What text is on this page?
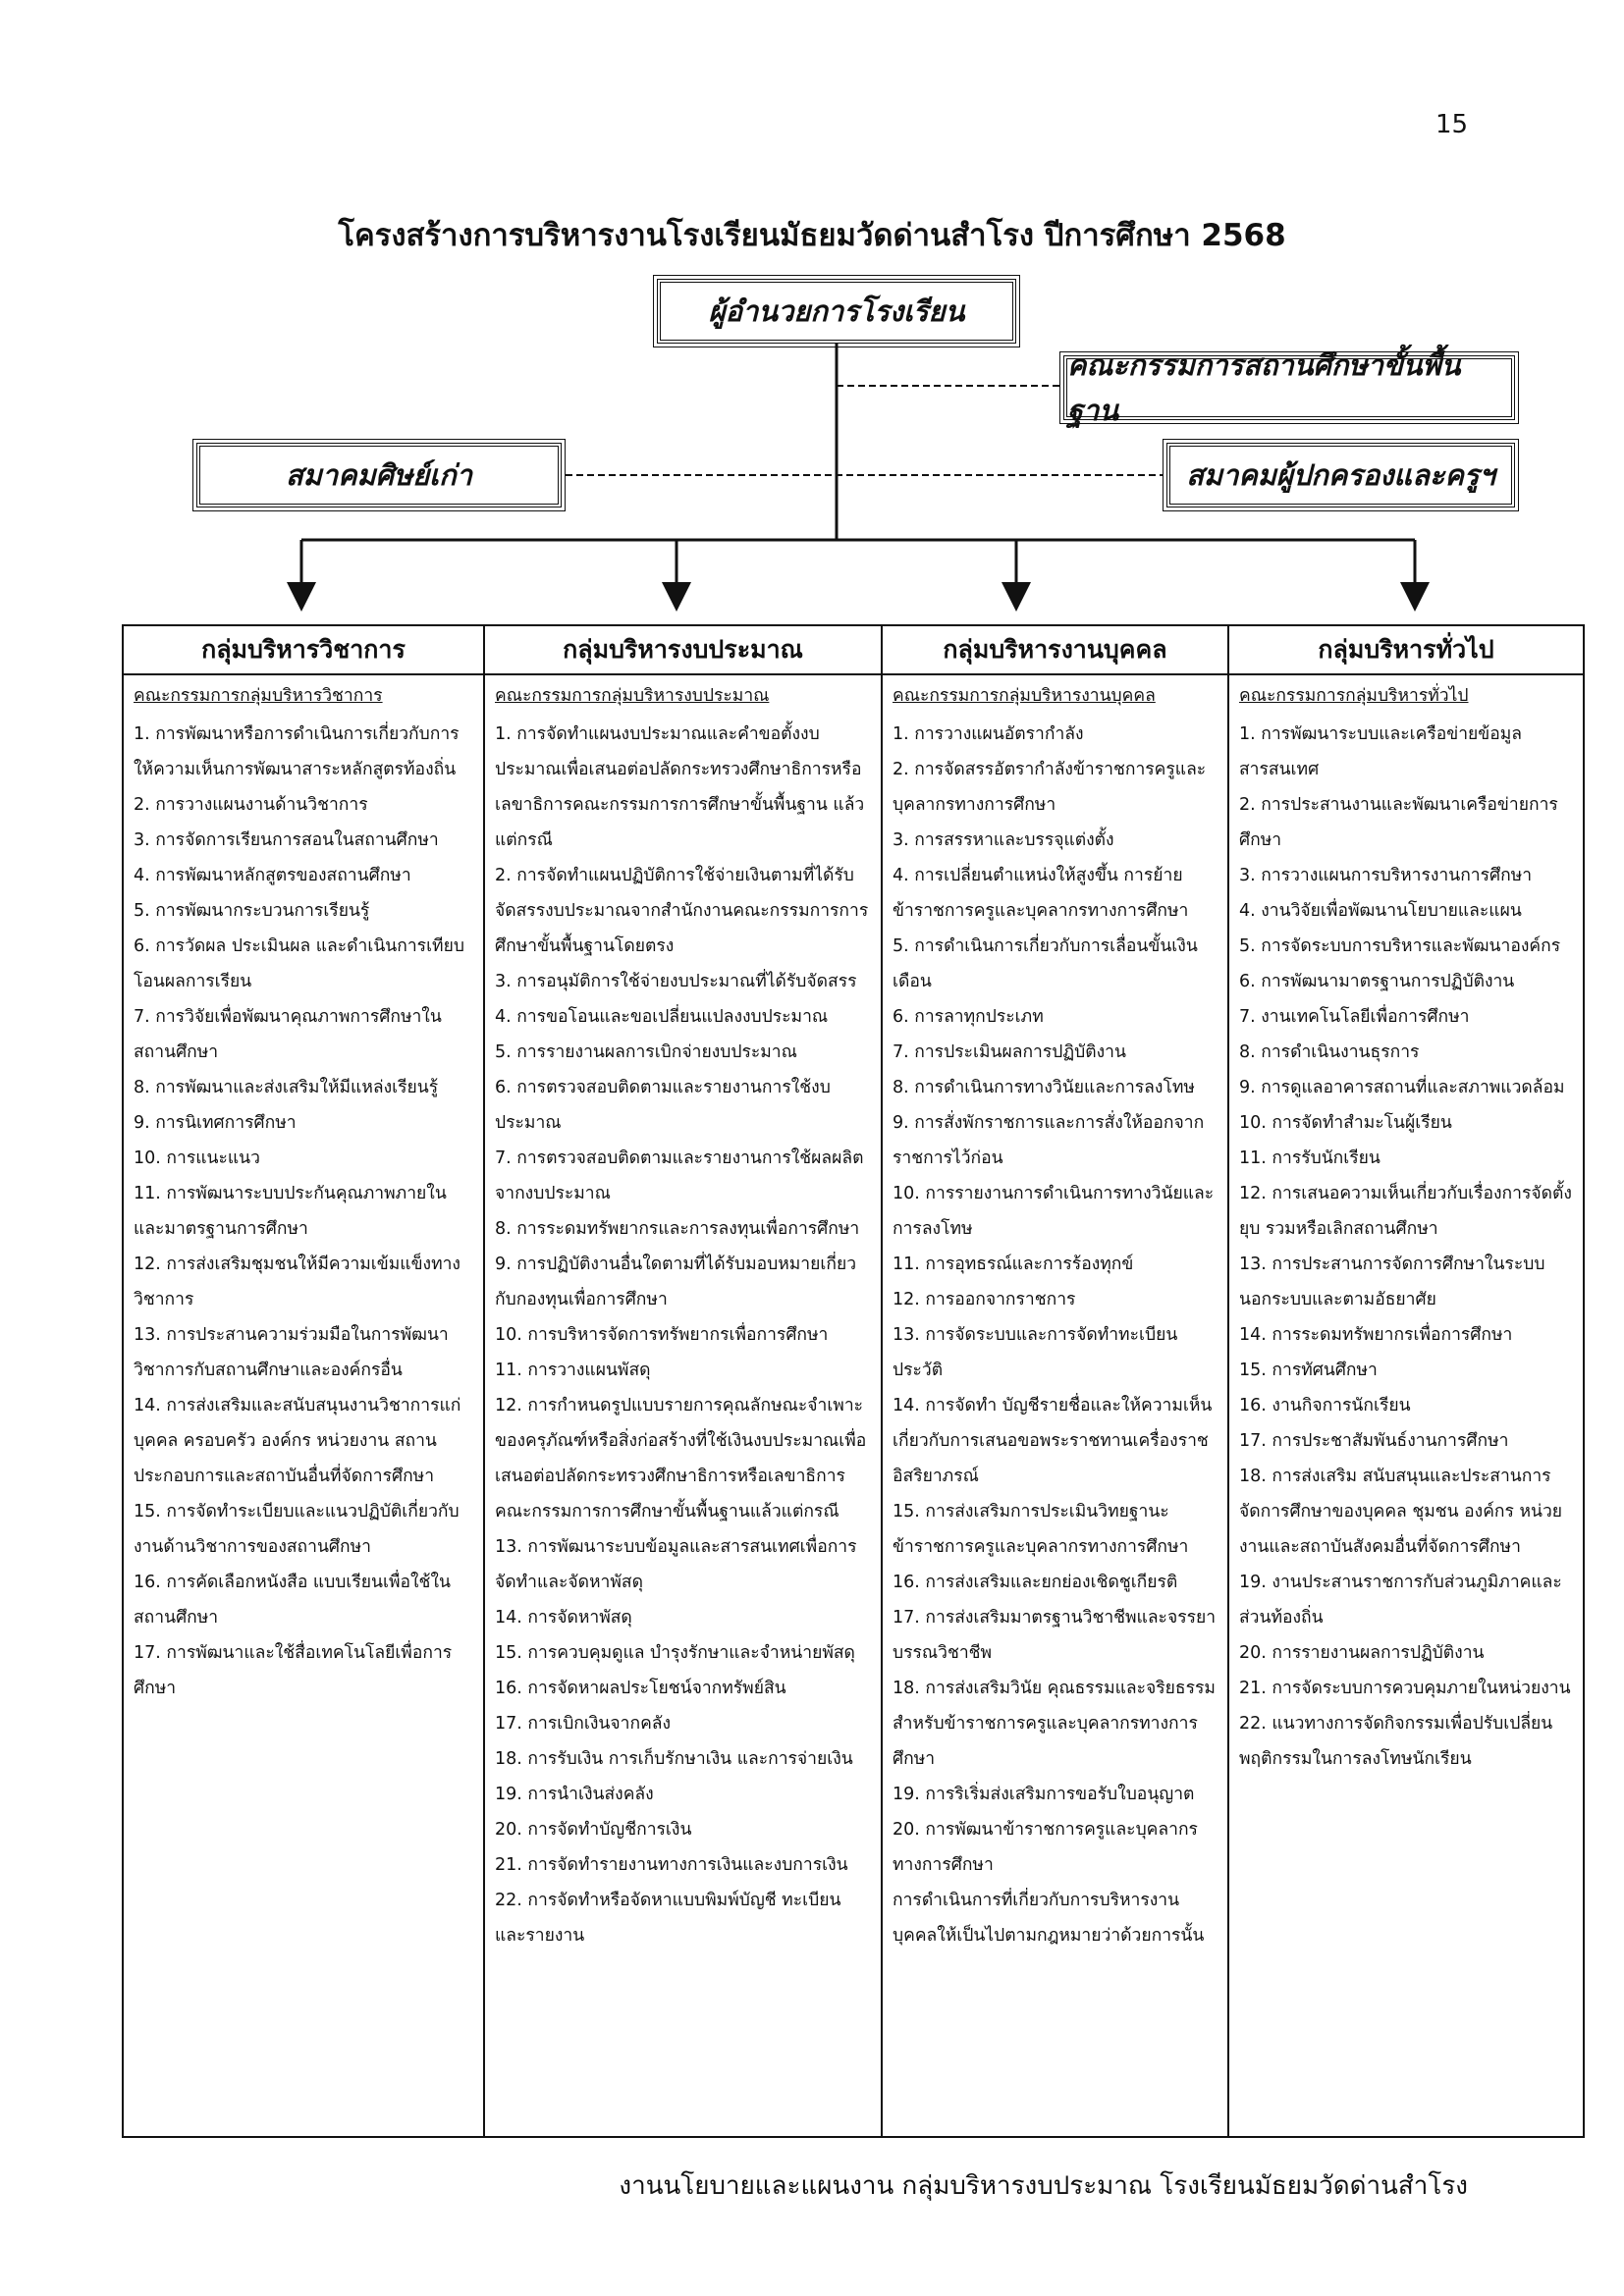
15
โครงสร้างการบริหารงานโรงเรียนมัธยมวัดด่านสำโรง ปีการศึกษา 2568
ผู้อำนวยการโรงเรียน
คณะกรรมการสถานศึกษาขั้นพื้นฐาน
สมาคมศิษย์เก่า	สมาคมผู้ปกครองและครูฯ
กลุ่มบริหารวิชาการ	กลุ่มบริหารงบประมาณ	กลุ่มบริหารงานบุคคล	กลุ่มบริหารทั่วไป
คณะกรรมการกลุ่มบริหารวิชาการ
1. การพัฒนาหรือการดำเนินการเกี่ยวกับการให้ความเห็นการพัฒนาสาระหลักสูตรท้องถิ่น
2. การวางแผนงานด้านวิชาการ
3. การจัดการเรียนการสอนในสถานศึกษา
4. การพัฒนาหลักสูตรของสถานศึกษา
5. การพัฒนากระบวนการเรียนรู้
6. การวัดผล ประเมินผล และดำเนินการเทียบโอนผลการเรียน
7. การวิจัยเพื่อพัฒนาคุณภาพการศึกษาในสถานศึกษา
8. การพัฒนาและส่งเสริมให้มีแหล่งเรียนรู้
9. การนิเทศการศึกษา
10. การแนะแนว
11. การพัฒนาระบบประกันคุณภาพภายในและมาตรฐานการศึกษา
12. การส่งเสริมชุมชนให้มีความเข้มแข็งทางวิชาการ
13. การประสานความร่วมมือในการพัฒนาวิชาการกับสถานศึกษาและองค์กรอื่น
14. การส่งเสริมและสนับสนุนงานวิชาการแก่บุคคล ครอบครัว องค์กร หน่วยงาน สถานประกอบการและสถาบันอื่นที่จัดการศึกษา
15. การจัดทำระเบียบและแนวปฏิบัติเกี่ยวกับงานด้านวิชาการของสถานศึกษา
16. การคัดเลือกหนังสือ แบบเรียนเพื่อใช้ในสถานศึกษา
17. การพัฒนาและใช้สื่อเทคโนโลยีเพื่อการศึกษา
คณะกรรมการกลุ่มบริหารงบประมาณ
1. การจัดทำแผนงบประมาณและคำขอตั้งงบประมาณเพื่อเสนอต่อปลัดกระทรวงศึกษาธิการหรือเลขาธิการคณะกรรมการการศึกษาขั้นพื้นฐาน แล้วแต่กรณี
2. การจัดทำแผนปฏิบัติการใช้จ่ายเงินตามที่ได้รับจัดสรรงบประมาณจากสำนักงานคณะกรรมการการศึกษาขั้นพื้นฐานโดยตรง
3. การอนุมัติการใช้จ่ายงบประมาณที่ได้รับจัดสรร
4. การขอโอนและขอเปลี่ยนแปลงงบประมาณ
5. การรายงานผลการเบิกจ่ายงบประมาณ
6. การตรวจสอบติดตามและรายงานการใช้งบประมาณ
7. การตรวจสอบติดตามและรายงานการใช้ผลผลิตจากงบประมาณ
8. การระดมทรัพยากรและการลงทุนเพื่อการศึกษา
9. การปฏิบัติงานอื่นใดตามที่ได้รับมอบหมายเกี่ยวกับกองทุนเพื่อการศึกษา
10. การบริหารจัดการทรัพยากรเพื่อการศึกษา
11. การวางแผนพัสดุ
12. การกำหนดรูปแบบรายการคุณลักษณะจำเพาะของครุภัณฑ์หรือสิ่งก่อสร้างที่ใช้เงินงบประมาณเพื่อเสนอต่อปลัดกระทรวงศึกษาธิการหรือเลขาธิการคณะกรรมการการศึกษาขั้นพื้นฐานแล้วแต่กรณี
13. การพัฒนาระบบข้อมูลและสารสนเทศเพื่อการจัดทำและจัดหาพัสดุ
14. การจัดหาพัสดุ
15. การควบคุมดูแล บำรุงรักษาและจำหน่ายพัสดุ
16. การจัดหาผลประโยชน์จากทรัพย์สิน
17. การเบิกเงินจากคลัง
18. การรับเงิน การเก็บรักษาเงิน และการจ่ายเงิน
19. การนำเงินส่งคลัง
20. การจัดทำบัญชีการเงิน
21. การจัดทำรายงานทางการเงินและงบการเงิน
22. การจัดทำหรือจัดหาแบบพิมพ์บัญชี ทะเบียน และรายงาน
คณะกรรมการกลุ่มบริหารงานบุคคล
1. การวางแผนอัตรากำลัง
2. การจัดสรรอัตรากำลังข้าราชการครูและบุคลากรทางการศึกษา
3. การสรรหาและบรรจุแต่งตั้ง
4. การเปลี่ยนตำแหน่งให้สูงขึ้น การย้ายข้าราชการครูและบุคลากรทางการศึกษา
5. การดำเนินการเกี่ยวกับการเลื่อนขั้นเงินเดือน
6. การลาทุกประเภท
7. การประเมินผลการปฏิบัติงาน
8. การดำเนินการทางวินัยและการลงโทษ
9. การสั่งพักราชการและการสั่งให้ออกจากราชการไว้ก่อน
10. การรายงานการดำเนินการทางวินัยและการลงโทษ
11. การอุทธรณ์และการร้องทุกข์
12. การออกจากราชการ
13. การจัดระบบและการจัดทำทะเบียนประวัติ
14. การจัดทำ บัญชีรายชื่อและให้ความเห็นเกี่ยวกับการเสนอขอพระราชทานเครื่องราชอิสริยาภรณ์
15. การส่งเสริมการประเมินวิทยฐานะข้าราชการครูและบุคลากรทางการศึกษา
16. การส่งเสริมและยกย่องเชิดชูเกียรติ
17. การส่งเสริมมาตรฐานวิชาชีพและจรรยาบรรณวิชาชีพ
18. การส่งเสริมวินัย คุณธรรมและจริยธรรมสำหรับข้าราชการครูและบุคลากรทางการศึกษา
19. การริเริ่มส่งเสริมการขอรับใบอนุญาต
20. การพัฒนาข้าราชการครูและบุคลากรทางการศึกษา
การดำเนินการที่เกี่ยวกับการบริหารงานบุคคลให้เป็นไปตามกฎหมายว่าด้วยการนั้น
คณะกรรมการกลุ่มบริหารทั่วไป
1. การพัฒนาระบบและเครือข่ายข้อมูลสารสนเทศ
2. การประสานงานและพัฒนาเครือข่ายการศึกษา
3. การวางแผนการบริหารงานการศึกษา
4. งานวิจัยเพื่อพัฒนานโยบายและแผน
5. การจัดระบบการบริหารและพัฒนาองค์กร
6. การพัฒนามาตรฐานการปฏิบัติงาน
7. งานเทคโนโลยีเพื่อการศึกษา
8. การดำเนินงานธุรการ
9. การดูแลอาคารสถานที่และสภาพแวดล้อม
10. การจัดทำสำมะโนผู้เรียน
11. การรับนักเรียน
12. การเสนอความเห็นเกี่ยวกับเรื่องการจัดตั้ง ยุบ รวมหรือเลิกสถานศึกษา
13. การประสานการจัดการศึกษาในระบบ นอกระบบและตามอัธยาศัย
14. การระดมทรัพยากรเพื่อการศึกษา
15. การทัศนศึกษา
16. งานกิจการนักเรียน
17. การประชาสัมพันธ์งานการศึกษา
18. การส่งเสริม สนับสนุนและประสานการจัดการศึกษาของบุคคล ชุมชน องค์กร หน่วยงานและสถาบันสังคมอื่นที่จัดการศึกษา
19. งานประสานราชการกับส่วนภูมิภาคและส่วนท้องถิ่น
20. การรายงานผลการปฏิบัติงาน
21. การจัดระบบการควบคุมภายในหน่วยงาน
22. แนวทางการจัดกิจกรรมเพื่อปรับเปลี่ยนพฤติกรรมในการลงโทษนักเรียน
งานนโยบายและแผนงาน กลุ่มบริหารงบประมาณ โรงเรียนมัธยมวัดด่านสำโรง
